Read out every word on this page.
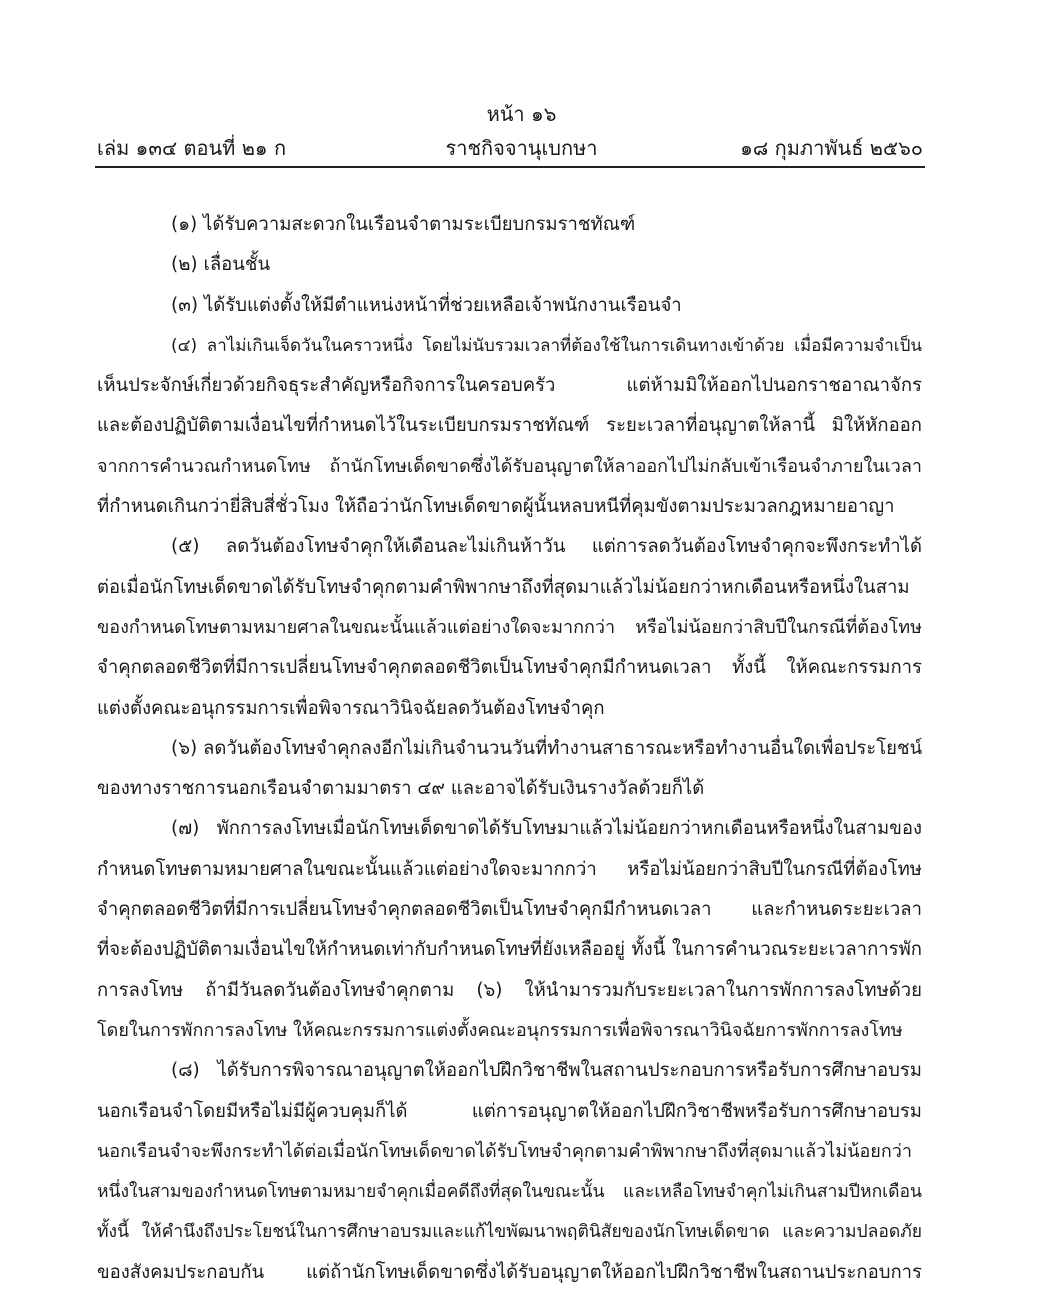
หน้า ๑๖
เล่ม ๑๓๔ ตอนที่ ๒๑ ก	ราชกิจจานุเบกษา	๑๘ กุมภาพันธ์ ๒๕๖๐
(๑) ได้รับความสะดวกในเรือนจำตามระเบียบกรมราชทัณฑ์
(๒) เลื่อนชั้น
(๓) ได้รับแต่งตั้งให้มีตำแหน่งหน้าที่ช่วยเหลือเจ้าพนักงานเรือนจำ
(๔) ลาไม่เกินเจ็ดวันในคราวหนึ่ง โดยไม่นับรวมเวลาที่ต้องใช้ในการเดินทางเข้าด้วย เมื่อมีความจำเป็น
เห็นประจักษ์เกี่ยวด้วยกิจธุระสำคัญหรือกิจการในครอบครัว แต่ห้ามมิให้ออกไปนอกราชอาณาจักร
และต้องปฏิบัติตามเงื่อนไขที่กำหนดไว้ในระเบียบกรมราชทัณฑ์ ระยะเวลาที่อนุญาตให้ลานี้ มิให้หักออก
จากการคำนวณกำหนดโทษ ถ้านักโทษเด็ดขาดซึ่งได้รับอนุญาตให้ลาออกไปไม่กลับเข้าเรือนจำภายในเวลา
ที่กำหนดเกินกว่ายี่สิบสี่ชั่วโมง ให้ถือว่านักโทษเด็ดขาดผู้นั้นหลบหนีที่คุมขังตามประมวลกฎหมายอาญา
(๕) ลดวันต้องโทษจำคุกให้เดือนละไม่เกินห้าวัน แต่การลดวันต้องโทษจำคุกจะพึงกระทำได้
ต่อเมื่อนักโทษเด็ดขาดได้รับโทษจำคุกตามคำพิพากษาถึงที่สุดมาแล้วไม่น้อยกว่าหกเดือนหรือหนึ่งในสาม
ของกำหนดโทษตามหมายศาลในขณะนั้นแล้วแต่อย่างใดจะมากกว่า หรือไม่น้อยกว่าสิบปีในกรณีที่ต้องโทษ
จำคุกตลอดชีวิตที่มีการเปลี่ยนโทษจำคุกตลอดชีวิตเป็นโทษจำคุกมีกำหนดเวลา ทั้งนี้ ให้คณะกรรมการ
แต่งตั้งคณะอนุกรรมการเพื่อพิจารณาวินิจฉัยลดวันต้องโทษจำคุก
(๖) ลดวันต้องโทษจำคุกลงอีกไม่เกินจำนวนวันที่ทำงานสาธารณะหรือทำงานอื่นใดเพื่อประโยชน์
ของทางราชการนอกเรือนจำตามมาตรา ๔๙ และอาจได้รับเงินรางวัลด้วยก็ได้
(๗) พักการลงโทษเมื่อนักโทษเด็ดขาดได้รับโทษมาแล้วไม่น้อยกว่าหกเดือนหรือหนึ่งในสามของ
กำหนดโทษตามหมายศาลในขณะนั้นแล้วแต่อย่างใดจะมากกว่า หรือไม่น้อยกว่าสิบปีในกรณีที่ต้องโทษ
จำคุกตลอดชีวิตที่มีการเปลี่ยนโทษจำคุกตลอดชีวิตเป็นโทษจำคุกมีกำหนดเวลา และกำหนดระยะเวลา
ที่จะต้องปฏิบัติตามเงื่อนไขให้กำหนดเท่ากับกำหนดโทษที่ยังเหลืออยู่ ทั้งนี้ ในการคำนวณระยะเวลาการพัก
การลงโทษ ถ้ามีวันลดวันต้องโทษจำคุกตาม (๖) ให้นำมารวมกับระยะเวลาในการพักการลงโทษด้วย
โดยในการพักการลงโทษ ให้คณะกรรมการแต่งตั้งคณะอนุกรรมการเพื่อพิจารณาวินิจฉัยการพักการลงโทษ
(๘) ได้รับการพิจารณาอนุญาตให้ออกไปฝึกวิชาชีพในสถานประกอบการหรือรับการศึกษาอบรม
นอกเรือนจำโดยมีหรือไม่มีผู้ควบคุมก็ได้ แต่การอนุญาตให้ออกไปฝึกวิชาชีพหรือรับการศึกษาอบรม
นอกเรือนจำจะพึงกระทำได้ต่อเมื่อนักโทษเด็ดขาดได้รับโทษจำคุกตามคำพิพากษาถึงที่สุดมาแล้วไม่น้อยกว่า
หนึ่งในสามของกำหนดโทษตามหมายจำคุกเมื่อคดีถึงที่สุดในขณะนั้น และเหลือโทษจำคุกไม่เกินสามปีหกเดือน
ทั้งนี้ ให้คำนึงถึงประโยชน์ในการศึกษาอบรมและแก้ไขพัฒนาพฤตินิสัยของนักโทษเด็ดขาด และความปลอดภัย
ของสังคมประกอบกัน แต่ถ้านักโทษเด็ดขาดซึ่งได้รับอนุญาตให้ออกไปฝึกวิชาชีพในสถานประกอบการ
